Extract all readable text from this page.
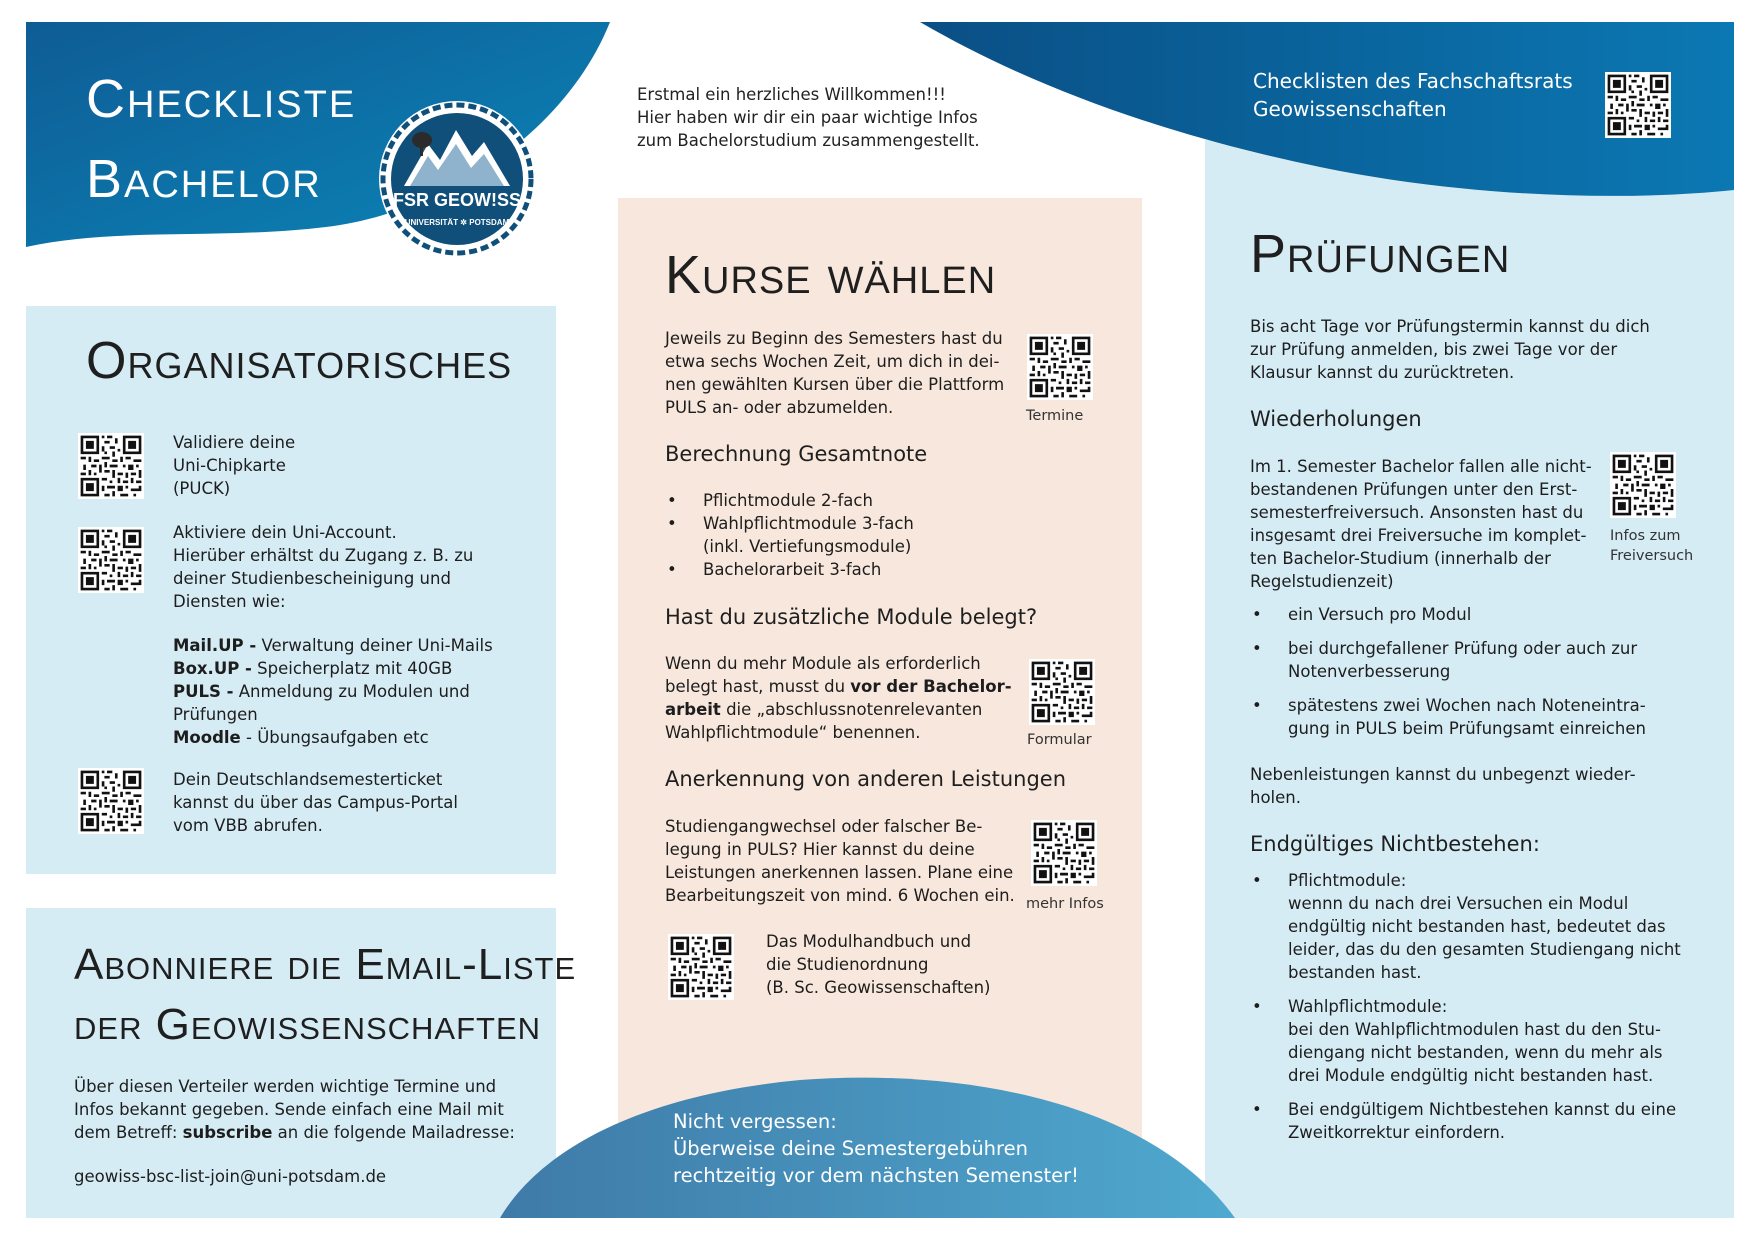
Checkliste
Bachelor	FSR GEOW!SS
UNIVERSITÄT ✲ POTSDAM
Erstmal ein herzliches Willkommen!!!
Hier haben wir dir ein paar wichtige Infos
zum Bachelorstudium zusammengestellt.
Checklisten des Fachschaftsrats
Geowissenschaften
Organisatorisches
Validiere deine
Uni-Chipkarte
(PUCK)
Aktiviere dein Uni-Account.
Hierüber erhältst du Zugang z. B. zu
deiner Studienbescheinigung und
Diensten wie:
Mail.UP - Verwaltung deiner Uni-Mails
Box.UP - Speicherplatz mit 40GB
PULS - Anmeldung zu Modulen und
Prüfungen
Moodle - Übungsaufgaben etc
Dein Deutschlandsemesterticket
kannst du über das Campus-Portal
vom VBB abrufen.
Abonniere die Email-Liste
der Geowissenschaften
Über diesen Verteiler werden wichtige Termine und
Infos bekannt gegeben. Sende einfach eine Mail mit
dem Betreff: subscribe an die folgende Mailadresse:
geowiss-bsc-list-join@uni-potsdam.de
Kurse wählen
Jeweils zu Beginn des Semesters hast du
etwa sechs Wochen Zeit, um dich in dei-
nen gewählten Kursen über die Plattform
PULS an- oder abzumelden.	Termine
Berechnung Gesamtnote
• Pflichtmodule 2-fach
• Wahlpflichtmodule 3-fach
(inkl. Vertiefungsmodule)
• Bachelorarbeit 3-fach
Hast du zusätzliche Module belegt?
Wenn du mehr Module als erforderlich
belegt hast, musst du vor der Bachelor-
arbeit die „abschlussnotenrelevanten
Wahlpflichtmodule“ benennen.	Formular
Anerkennung von anderen Leistungen
Studiengangwechsel oder falscher Be-
legung in PULS? Hier kannst du deine
Leistungen anerkennen lassen. Plane eine
Bearbeitungszeit von mind. 6 Wochen ein. mehr Infos
Das Modulhandbuch und
die Studienordnung
(B. Sc. Geowissenschaften)
Nicht vergessen:
Überweise deine Semestergebühren
rechtzeitig vor dem nächsten Semenster!
Prüfungen
Bis acht Tage vor Prüfungstermin kannst du dich
zur Prüfung anmelden, bis zwei Tage vor der
Klausur kannst du zurücktreten.
Wiederholungen
Im 1. Semester Bachelor fallen alle nicht-
bestandenen Prüfungen unter den Erst-
semesterfreiversuch. Ansonsten hast du
insgesamt drei Freiversuche im komplet-
ten Bachelor-Studium (innerhalb der
Regelstudienzeit)
Infos zum
Freiversuch
• ein Versuch pro Modul
• bei durchgefallener Prüfung oder auch zur
Notenverbesserung
• spätestens zwei Wochen nach Noteneintra-
gung in PULS beim Prüfungsamt einreichen
Nebenleistungen kannst du unbegenzt wieder-
holen.
Endgültiges Nichtbestehen:
• Pflichtmodule:
wennn du nach drei Versuchen ein Modul
endgültig nicht bestanden hast, bedeutet das
leider, das du den gesamten Studiengang nicht
bestanden hast.
• Wahlpflichtmodule:
bei den Wahlpflichtmodulen hast du den Stu-
diengang nicht bestanden, wenn du mehr als
drei Module endgültig nicht bestanden hast.
• Bei endgültigem Nichtbestehen kannst du eine
Zweitkorrektur einfordern.
